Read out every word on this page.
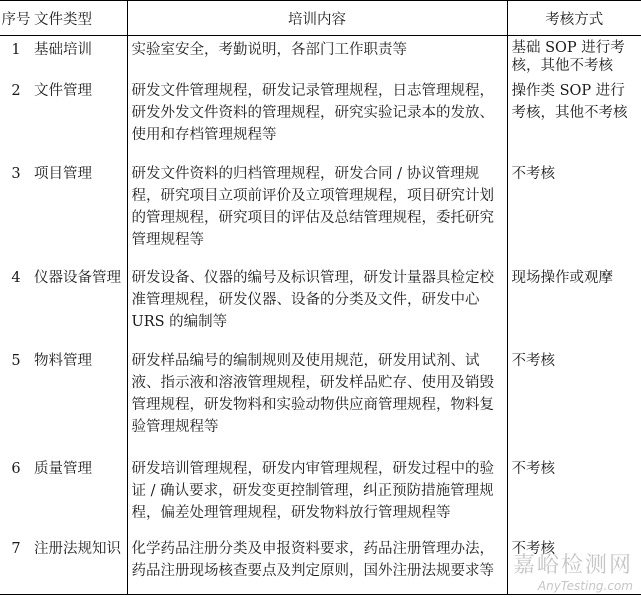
序号	文件类型	培训内容	考核方式
1	基础培训	实验室安全，考勤说明，各部门工作职责等	基础 SOP 进行考核，其他不考核
2	文件管理	研发文件管理规程，研发记录管理规程，日志管理规程，研发外发文件资料的管理规程，研究实验记录本的发放、使用和存档管理规程等	操作类 SOP 进行考核，其他不考核
3	项目管理	研发文件资料的归档管理规程，研发合同 / 协议管理规程，研究项目立项前评价及立项管理规程，项目研究计划的管理规程，研究项目的评估及总结管理规程，委托研究管理规程等	不考核
4	仪器设备管理	研发设备、仪器的编号及标识管理，研发计量器具检定校准管理规程，研发仪器、设备的分类及文件，研发中心 URS 的编制等	现场操作或观摩
5	物料管理	研发样品编号的编制规则及使用规范，研发用试剂、试液、指示液和溶液管理规程，研发样品贮存、使用及销毁管理规程，研发物料和实验动物供应商管理规程，物料复验管理规程等	不考核
6	质量管理	研发培训管理规程，研发内审管理规程，研发过程中的验证 / 确认要求，研发变更控制管理，纠正预防措施管理规程，偏差处理管理规程，研发物料放行管理规程等	不考核
7	注册法规知识	化学药品注册分类及申报资料要求，药品注册管理办法，药品注册现场核查要点及判定原则，国外注册法规要求等	不考核
嘉峪检测网
AnyTesting.com
